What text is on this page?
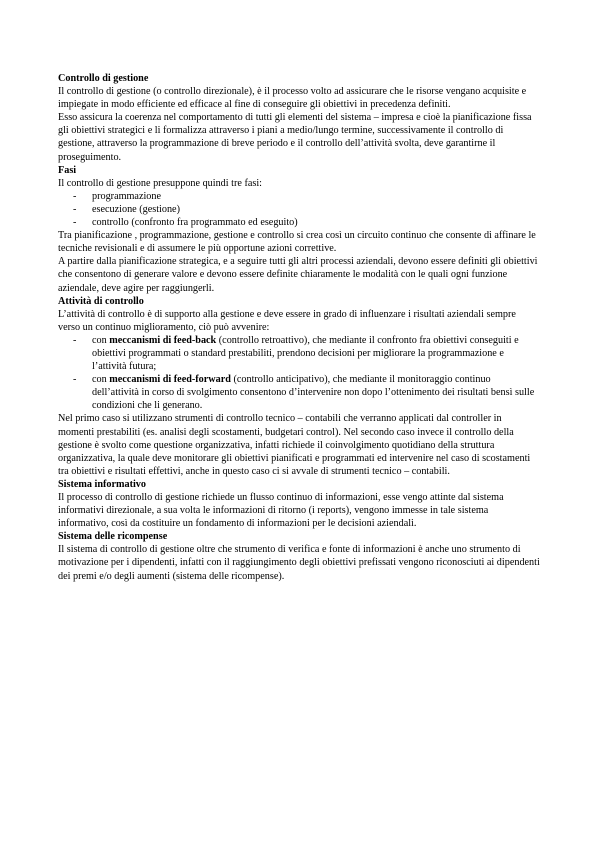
Controllo di gestione

Il controllo di gestione (o controllo direzionale), è il processo volto ad assicurare che le risorse vengano acquisite e impiegate in modo efficiente ed efficace al fine di conseguire gli obiettivi in precedenza definiti.

Esso assicura la coerenza nel comportamento di tutti gli elementi del sistema – impresa e cioè la pianificazione fissa gli obiettivi strategici e li formalizza attraverso i piani a medio/lungo termine, successivamente il controllo di gestione, attraverso la programmazione di breve periodo e il controllo dell’attività svolta, deve garantirne il proseguimento.

Fasi

Il controllo di gestione presuppone quindi tre fasi:

- programmazione
- esecuzione (gestione)
- controllo (confronto fra programmato ed eseguito)

Tra pianificazione , programmazione, gestione e controllo si crea così un circuito continuo che consente di affinare le tecniche revisionali e di assumere le più opportune azioni correttive.

A partire dalla pianificazione strategica, e a seguire tutti gli altri processi aziendali, devono essere definiti gli obiettivi che consentono di generare valore e devono essere definite chiaramente le modalità con le quali ogni funzione aziendale, deve agire per raggiungerli.

Attività di controllo

L’attività di controllo è di supporto alla gestione e deve essere in grado di influenzare i risultati aziendali sempre verso un continuo miglioramento, ciò può avvenire:

- con meccanismi di feed-back (controllo retroattivo), che mediante il confronto fra obiettivi conseguiti e obiettivi programmati o standard prestabiliti, prendono decisioni per migliorare la programmazione e l’attività futura;
- con meccanismi di feed-forward (controllo anticipativo), che mediante il monitoraggio continuo dell’attività in corso di svolgimento consentono d’intervenire non dopo l’ottenimento dei risultati bensì sulle condizioni che li generano.

Nel primo caso si utilizzano strumenti di controllo tecnico – contabili che verranno applicati dal controller in momenti prestabiliti (es. analisi degli scostamenti, budgetari control). Nel secondo caso invece il controllo della gestione è svolto come questione organizzativa, infatti richiede il coinvolgimento quotidiano della struttura organizzativa, la quale deve monitorare gli obiettivi pianificati e programmati ed intervenire nel caso di scostamenti tra obiettivi e risultati effettivi, anche in questo caso ci si avvale di strumenti tecnico – contabili.

Sistema informativo

Il processo di controllo di gestione richiede un flusso continuo di informazioni, esse vengo attinte dal sistema informativi direzionale, a sua volta le informazioni di ritorno (i reports), vengono immesse in tale sistema informativo, così da costituire un fondamento di informazioni per le decisioni aziendali.

Sistema delle ricompense

Il sistema di controllo di gestione oltre che strumento di verifica e fonte di informazioni è anche uno strumento di motivazione per i dipendenti, infatti con il raggiungimento degli obiettivi prefissati vengono riconosciuti ai dipendenti dei premi e/o degli aumenti (sistema delle ricompense).
